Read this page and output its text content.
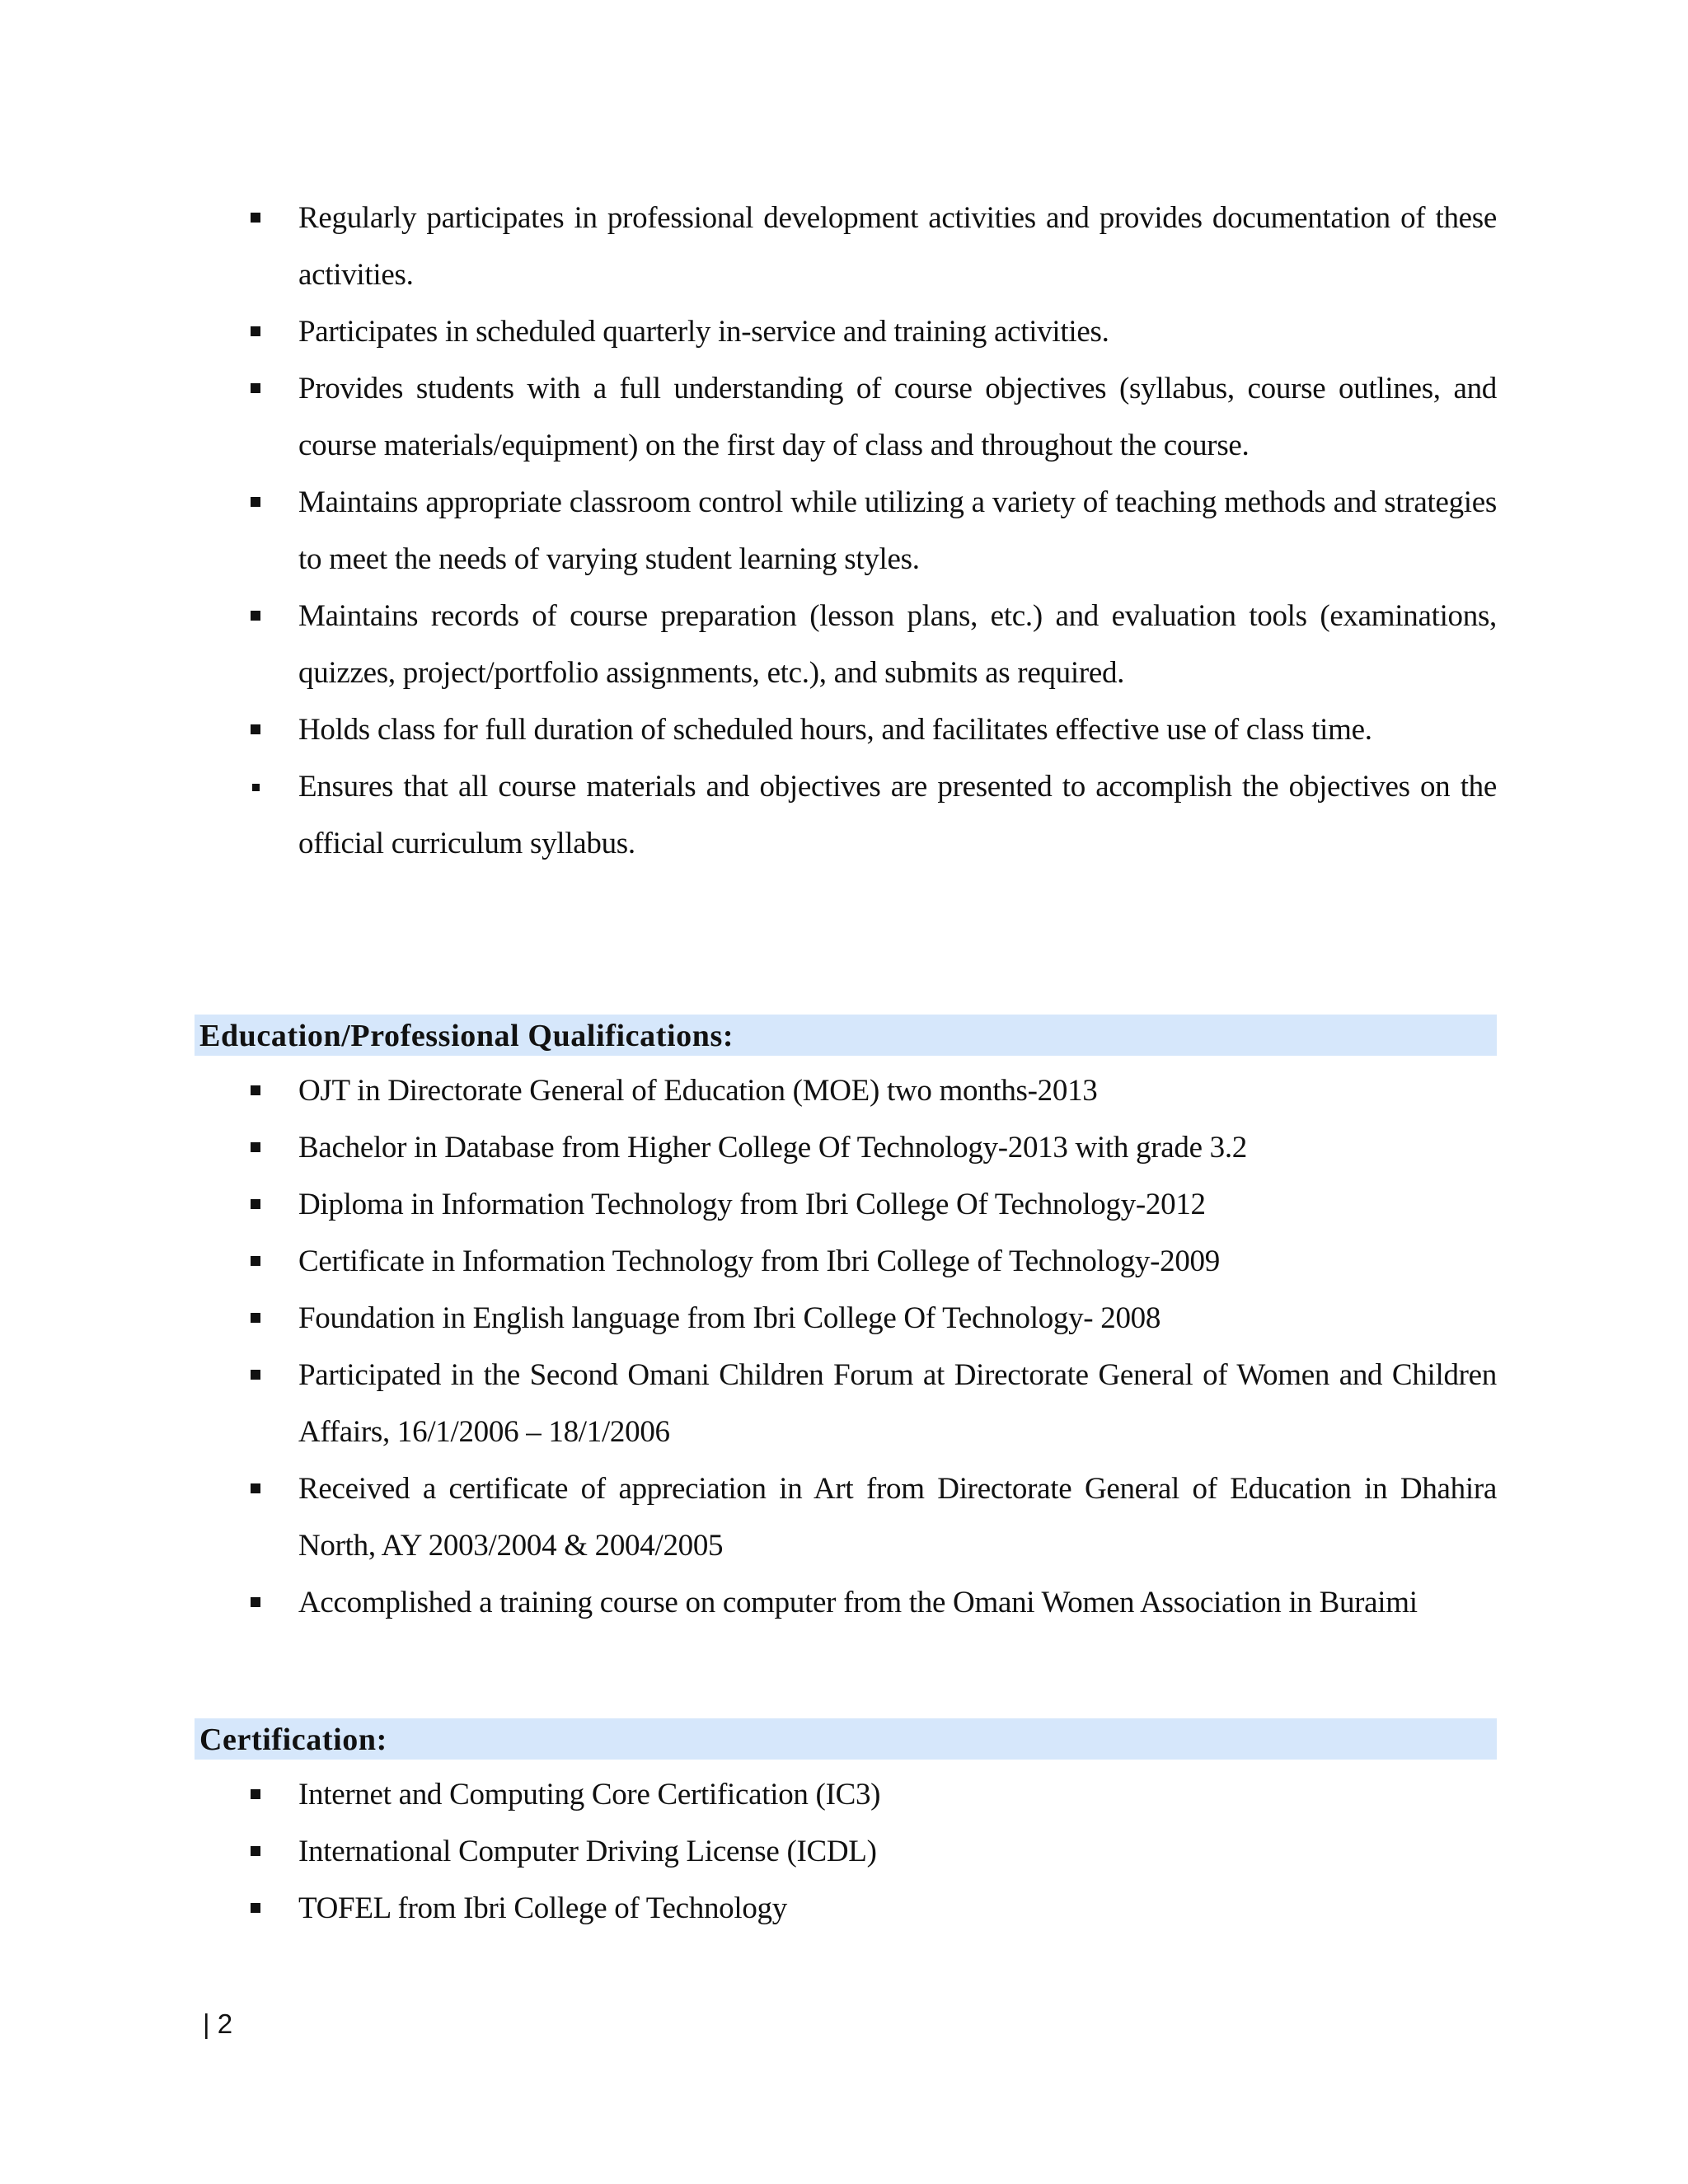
Regularly participates in professional development activities and provides documentation of these activities.
Participates in scheduled quarterly in-service and training activities.
Provides students with a full understanding of course objectives (syllabus, course outlines, and course materials/equipment) on the first day of class and throughout the course.
Maintains appropriate classroom control while utilizing a variety of teaching methods and strategies to meet the needs of varying student learning styles.
Maintains records of course preparation (lesson plans, etc.) and evaluation tools (examinations, quizzes, project/portfolio assignments, etc.), and submits as required.
Holds class for full duration of scheduled hours, and facilitates effective use of class time.
Ensures that all course materials and objectives are presented to accomplish the objectives on the official curriculum syllabus.
Education/Professional Qualifications:
OJT in Directorate General of Education (MOE) two months-2013
Bachelor in Database from Higher College Of Technology-2013 with grade 3.2
Diploma in Information Technology from Ibri College Of Technology-2012
Certificate in Information Technology from Ibri College of Technology-2009
Foundation in English language from Ibri College Of Technology- 2008
Participated in the Second Omani Children Forum at Directorate General of Women and Children Affairs, 16/1/2006 – 18/1/2006
Received a certificate of appreciation in Art from Directorate General of Education in Dhahira North, AY 2003/2004 & 2004/2005
Accomplished a training course on computer from the Omani Women Association in Buraimi
Certification:
Internet and Computing Core Certification (IC3)
International Computer Driving License (ICDL)
TOFEL from Ibri College of Technology
| 2
